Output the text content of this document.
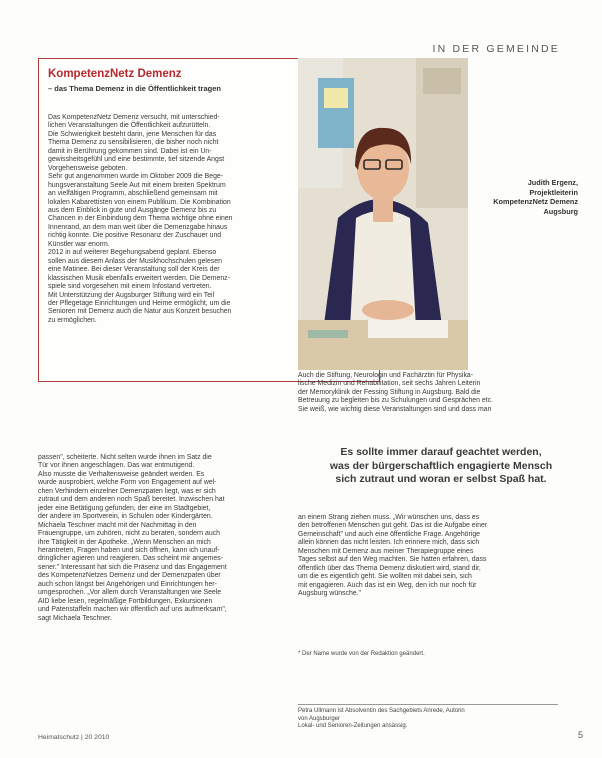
IN DER GEMEINDE
KompetenzNetz Demenz
– das Thema Demenz in die Öffentlichkeit tragen

Das KompetenzNetz Demenz versucht, mit unterschied-

lichen Veranstaltungen die Öffentlichkeit aufzurütteln.

Die Schwierigkeit besteht darin, jene Menschen für das

Thema Demenz zu sensibilisieren, die bisher noch nicht

damit in Berührung gekommen sind. Dabei ist ein Un-

gewissheitsgefühl und eine bestimmte, tief sitzende Angst

Vorgehensweise geboten.

Sehr gut angenommen wurde im Oktober 2009 die Bege-

hungsveranstaltung Seele Aut mit einem breiten Spektrum

an vielfältigen Programm, abschließend gemeinsam mit

lokalen Kabarettisten von einem Publikum. Die Kombination

aus dem Einblick in gute und Ausgänge Demenz bis zu

Chancen in der Einbindung dem Thema wichtige ohne einen

Innenrand, an dem man weit über die Demenzgabe hinaus

richtig konnte. Die positive Resonanz der Zuschauer und

Künstler war enorm.

2012 in auf weiterer Begehungsabend geplant. Ebenso

sollen aus diesem Anlass der Musikhochschulen gelesen

eine Matinee. Bei dieser Veranstaltung soll der Kreis der

klassischen Musik ebenfalls erweitert werden. Die Demenz-

spiele sind vorgesehen mit einem Infostand vertreten.

Mit Unterstützung der Augsburger Stiftung wird ein Teil

der Pflegetage Einrichtungen und Heime ermöglicht, um die

Senioren mit Demenz auch die Natur aus Konzert besuchen

zu ermöglichen.

Judith Ergenz,
Projektleiterin
KompetenzNetz Demenz
Augsburg

Auch die Stiftung, Neurologin und Fachärztin für Physika-

lische Medizin und Rehabilitation, seit sechs Jahren Leiterin

der Memoryklinik der Fessing Stiftung in Augsburg. Bald die

Betreuung zu begleiten bis zu Schulungen und Gesprächen etc.

Sie weiß, wie wichtig diese Veranstaltungen sind und dass man

Es sollte immer darauf geachtet werden,
was der bürgerschaftlich engagierte Mensch
sich zutraut und woran er selbst Spaß hat.

passen", scheiterte. Nicht selten wurde ihnen im Satz die

Tür vor ihnen angeschlagen. Das war entmutigend.

Also musste die Verhaltensweise geändert werden. Es

wurde ausprobiert, welche Form von Engagement auf wel-

chen Verhindern einzelner Demenzpaten liegt, was er sich

zutraut und dem anderen noch Spaß bereitet. Inzwischen hat

jeder eine Betätigung gefunden, der eine im Stadtgebiet,

der andere im Sportverein, in Schulen oder Kindergärten.

Michaela Teschner macht mit der Nachmittag in den

Frauengruppe, um zuhören, nicht zu beraten, sondern auch

ihre Tätigkeit in der Apotheke. „Wenn Menschen an mich

herantreten, Fragen haben und sich öffnen, kann ich unauf-

dringlicher agieren und reagieren. Das scheint mir angemes-

sener." Interessant hat sich die Präsenz und das Engagement

des KompetenzNetzes Demenz und der Demenzpaten über

auch schon längst bei Angehörigen und Einrichtungen her-

umgesprochen. „Vor allem durch Veranstaltungen wie Seele

AID liebe lesen, regelmäßige Fortbildungen, Exkursionen

und Patenstaffeln machen wir öffentlich auf uns aufmerksam",

sagt Michaela Teschner.

an einem Strang ziehen muss. „Wir wünschen uns, dass es

den betroffenen Menschen gut geht. Das ist die Aufgabe einer

Gemeinschaft" und auch eine öffentliche Frage. Angehörige

allein können das nicht leisten. Ich erinnere mich, dass sich

Menschen mit Demenz aus meiner Therapiegruppe eines

Tages selbst auf den Weg machten. Sie hatten erfahren, dass

öffentlich über das Thema Demenz diskutiert wird, stand dir,

um die es eigentlich geht. Sie wollten mit dabei sein, sich

mit engagieren. Auch das ist ein Weg, den ich nur noch für

Augsburg wünsche."

* Der Name wurde von der Redaktion geändert.
Petra Ullmann ist Absolventin des Sachgebiets Anrede, Autorin
von Augsburger
Lokal- und Senioren-Zeitungen ansässig.
Heimatschutz | 20 2010	5
